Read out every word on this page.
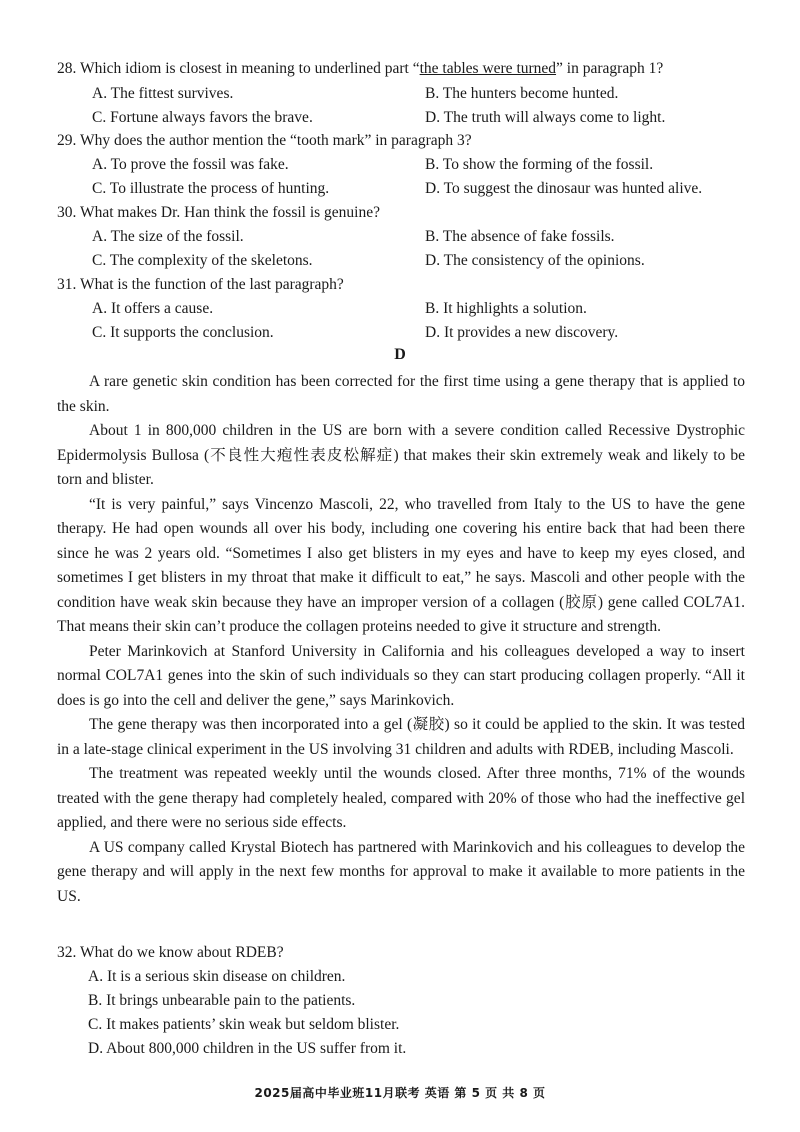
28. Which idiom is closest in meaning to underlined part “the tables were turned” in paragraph 1?
A. The fittest survives.	B. The hunters become hunted.
C. Fortune always favors the brave.	D. The truth will always come to light.
29. Why does the author mention the “tooth mark” in paragraph 3?
A. To prove the fossil was fake.	B. To show the forming of the fossil.
C. To illustrate the process of hunting.	D. To suggest the dinosaur was hunted alive.
30. What makes Dr. Han think the fossil is genuine?
A. The size of the fossil.	B. The absence of fake fossils.
C. The complexity of the skeletons.	D. The consistency of the opinions.
31. What is the function of the last paragraph?
A. It offers a cause.	B. It highlights a solution.
C. It supports the conclusion.	D. It provides a new discovery.
D

A rare genetic skin condition has been corrected for the first time using a gene therapy that is applied to the skin.

About 1 in 800,000 children in the US are born with a severe condition called Recessive Dystrophic Epidermolysis Bullosa (不良性大疱性表皮松解症) that makes their skin extremely weak and likely to be torn and blister.

“It is very painful,” says Vincenzo Mascoli, 22, who travelled from Italy to the US to have the gene therapy. He had open wounds all over his body, including one covering his entire back that had been there since he was 2 years old. “Sometimes I also get blisters in my eyes and have to keep my eyes closed, and sometimes I get blisters in my throat that make it difficult to eat,” he says. Mascoli and other people with the condition have weak skin because they have an improper version of a collagen (胶原) gene called COL7A1. That means their skin can’t produce the collagen proteins needed to give it structure and strength.

Peter Marinkovich at Stanford University in California and his colleagues developed a way to insert normal COL7A1 genes into the skin of such individuals so they can start producing collagen properly. “All it does is go into the cell and deliver the gene,” says Marinkovich.

The gene therapy was then incorporated into a gel (凝胶) so it could be applied to the skin. It was tested in a late-stage clinical experiment in the US involving 31 children and adults with RDEB, including Mascoli.

The treatment was repeated weekly until the wounds closed. After three months, 71% of the wounds treated with the gene therapy had completely healed, compared with 20% of those who had the ineffective gel applied, and there were no serious side effects.

A US company called Krystal Biotech has partnered with Marinkovich and his colleagues to develop the gene therapy and will apply in the next few months for approval to make it available to more patients in the US.

32. What do we know about RDEB?
A. It is a serious skin disease on children.
B. It brings unbearable pain to the patients.
C. It makes patients’ skin weak but seldom blister.
D. About 800,000 children in the US suffer from it.
2025届高中毕业班11月联考 英语 第 5 页 共 8 页
